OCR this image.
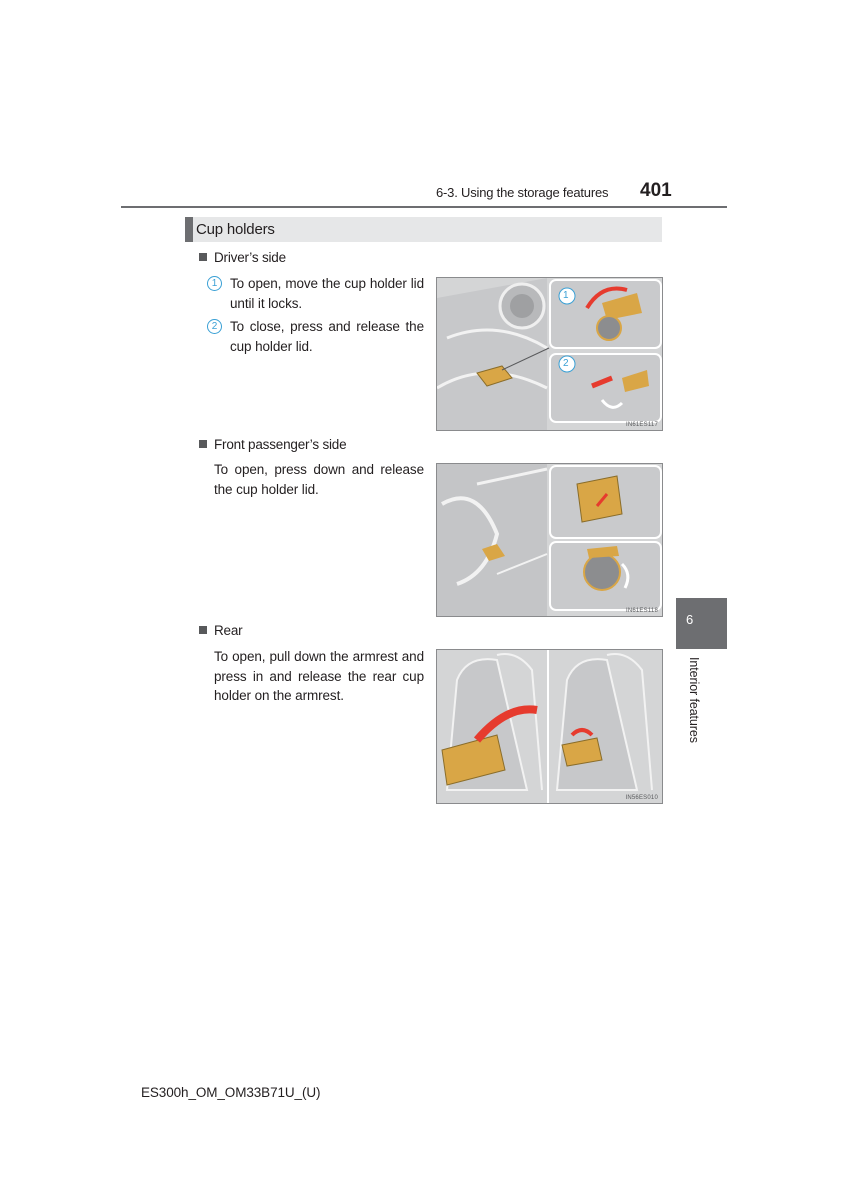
6-3. Using the storage features 401
Cup holders
Driver’s side
1 To open, move the cup holder lid until it locks.
2 To close, press and release the cup holder lid.
1
2
IN61ES117
Front passenger’s side
To open, press down and release the cup holder lid.
IN61ES118
Rear
To open, pull down the armrest and press in and release the rear cup holder on the armrest.
IN56ES010
6
Interior features
ES300h_OM_OM33B71U_(U)
